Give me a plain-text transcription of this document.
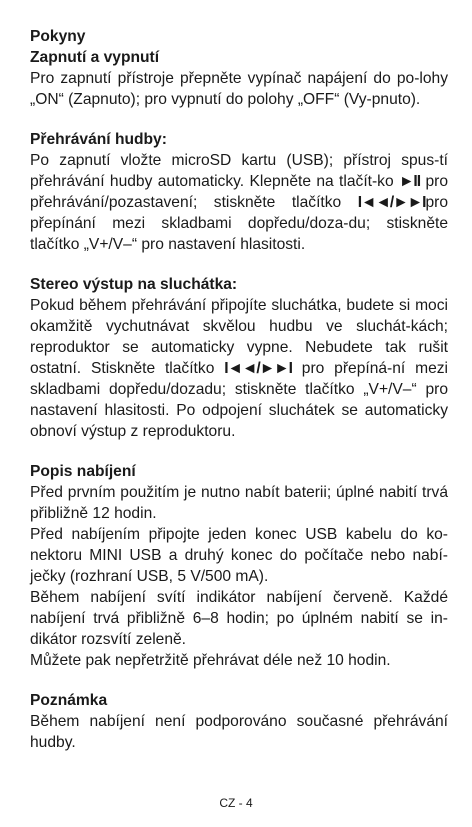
Pokyny

Zapnutí a vypnutí

Pro zapnutí přístroje přepněte vypínač napájení do po-lohy „ON“ (Zapnuto); pro vypnutí do polohy „OFF“ (Vy-pnuto).

Přehrávání hudby:

Po zapnutí vložte microSD kartu (USB); přístroj spus-tí přehrávání hudby automaticky. Klepněte na tlačít-ko ►II pro přehrávání/pozastavení; stiskněte tlačítko I◄◄/►►Ipro přepínání mezi skladbami dopředu/doza-du; stiskněte tlačítko „V+/V–“ pro nastavení hlasitosti.

Stereo výstup na sluchátka:

Pokud během přehrávání připojíte sluchátka, budete si moci okamžitě vychutnávat skvělou hudbu ve sluchát-kách; reproduktor se automaticky vypne. Nebudete tak rušit ostatní. Stiskněte tlačítko I◄◄/►►I pro přepíná-ní mezi skladbami dopředu/dozadu; stiskněte tlačítko „V+/V–“ pro nastavení hlasitosti. Po odpojení sluchátek se automaticky obnoví výstup z reproduktoru.

Popis nabíjení

Před prvním použitím je nutno nabít baterii; úplné nabití trvá přibližně 12 hodin.

Před nabíjením připojte jeden konec USB kabelu do ko-nektoru MINI USB a druhý konec do počítače nebo nabí-ječky (rozhraní USB, 5 V/500 mA).

Během nabíjení svítí indikátor nabíjení červeně. Každé nabíjení trvá přibližně 6–8 hodin; po úplném nabití se in-dikátor rozsvítí zeleně.

Můžete pak nepřetržitě přehrávat déle než 10 hodin.

Poznámka

Během nabíjení není podporováno současné přehrávání hudby.

CZ - 4
